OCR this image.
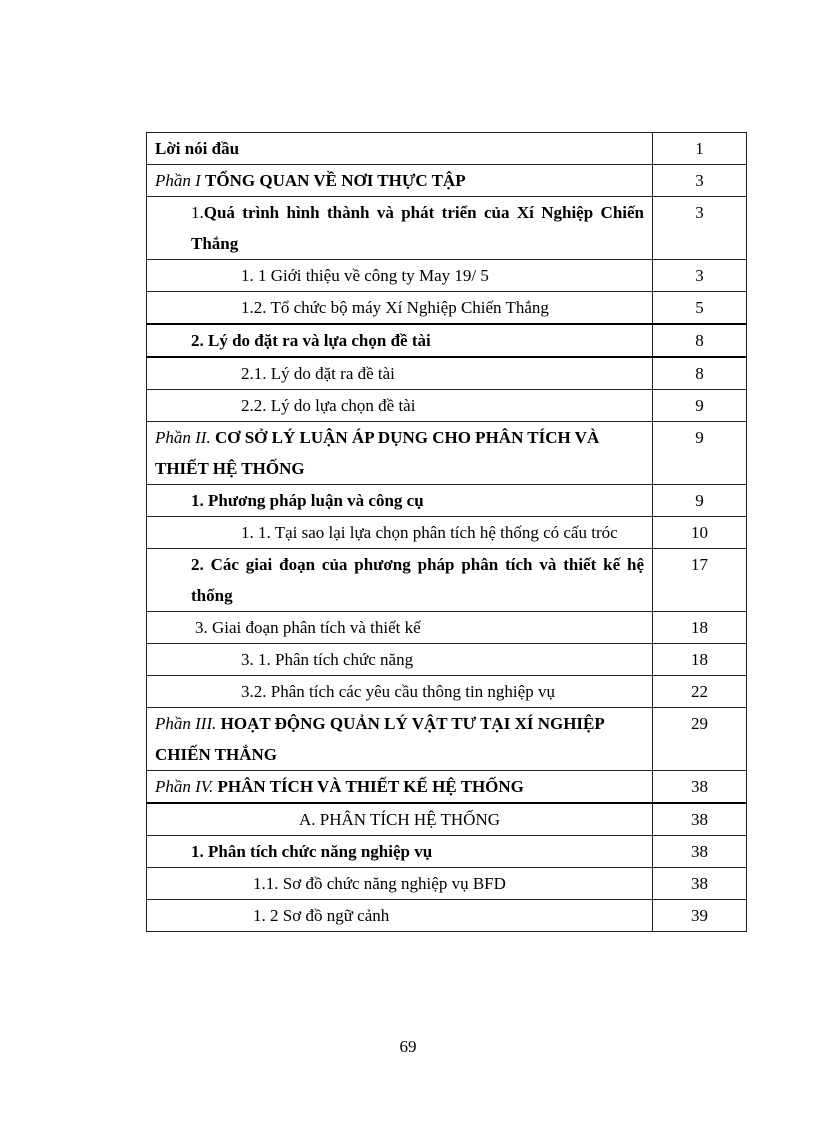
Lời nói đầu	1
Phần I TỔNG QUAN VỀ NƠI THỰC TẬP	3
1.Quá trình hình thành và phát triển của Xí Nghiệp Chiến Thắng	3
1. 1 Giới thiệu về công ty May 19/ 5	3
1.2. Tổ chức bộ máy Xí Nghiệp Chiến Thắng	5
2. Lý do đặt ra và lựa chọn đề tài	8
2.1. Lý do đặt ra đề tài	8
2.2. Lý do lựa chọn đề tài	9
Phần II. CƠ SỞ LÝ LUẬN ÁP DỤNG CHO PHÂN TÍCH VÀ THIẾT HỆ THỐNG	9
1. Phương pháp luận và công cụ	9
1. 1. Tại sao lại lựa chọn phân tích hệ thống có cấu tróc	10
2. Các giai đoạn của phương pháp phân tích và thiết kế hệ thống	17
3. Giai đoạn phân tích và thiết kế	18
3. 1. Phân tích chức năng	18
3.2. Phân tích các yêu cầu thông tin nghiệp vụ	22
Phần III. HOẠT ĐỘNG QUẢN LÝ VẬT TƯ TẠI XÍ NGHIỆP CHIẾN THẮNG	29
Phần IV. PHÂN TÍCH VÀ THIẾT KẾ HỆ THỐNG	38
A. PHÂN TÍCH HỆ THỐNG	38
1. Phân tích chức năng nghiệp vụ	38
1.1. Sơ đồ chức năng nghiệp vụ BFD	38
1. 2 Sơ đồ ngữ cảnh	39
69
